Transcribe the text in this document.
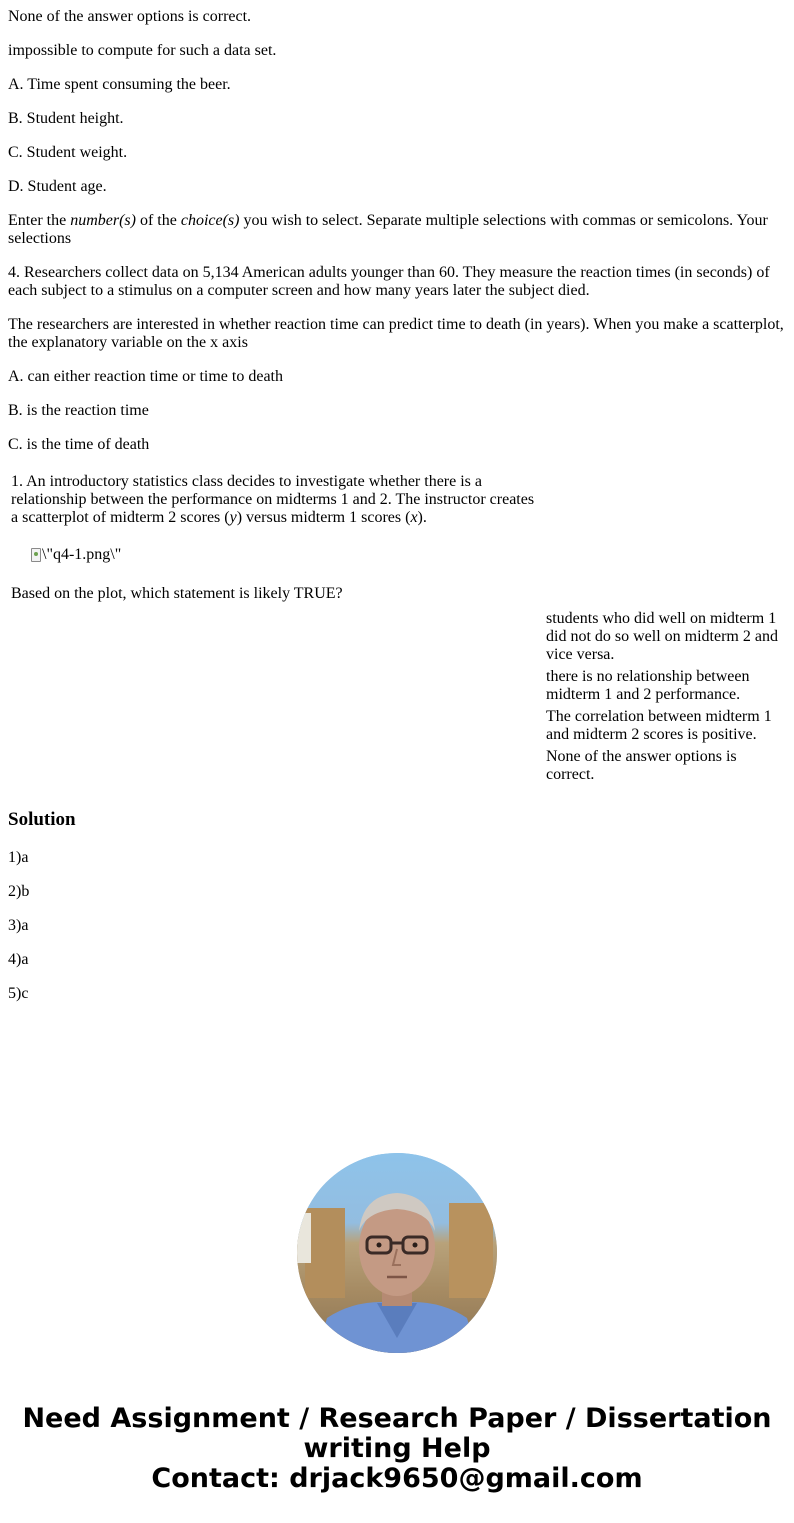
None of the answer options is correct.

impossible to compute for such a data set.

A. Time spent consuming the beer.

B. Student height.

C. Student weight.

D. Student age.

Enter the number(s) of the choice(s) you wish to select. Separate multiple selections with commas or semicolons. Your selections

4. Researchers collect data on 5,134 American adults younger than 60. They measure the reaction times (in seconds) of each subject to a stimulus on a computer screen and how many years later the subject died.

The researchers are interested in whether reaction time can predict time to death (in years). When you make a scatterplot, the explanatory variable on the x axis

A. can either reaction time or time to death

B. is the reaction time

C. is the time of death

1. An introductory statistics class decides to investigate whether there is a relationship between the performance on midterms 1 and 2. The instructor creates a scatterplot of midterm 2 scores (y) versus midterm 1 scores (x).
\"q4-1.png\"
Based on the plot, which statement is likely TRUE?
students who did well on midterm 1 did not do so well on midterm 2 and vice versa.
there is no relationship between midterm 1 and 2 performance.
The correlation between midterm 1 and midterm 2 scores is positive.
None of the answer options is correct.
Solution

1)a

2)b

3)a

4)a

5)c

Need Assignment / Research Paper / Dissertation
writing Help
Contact: drjack9650@gmail.com
